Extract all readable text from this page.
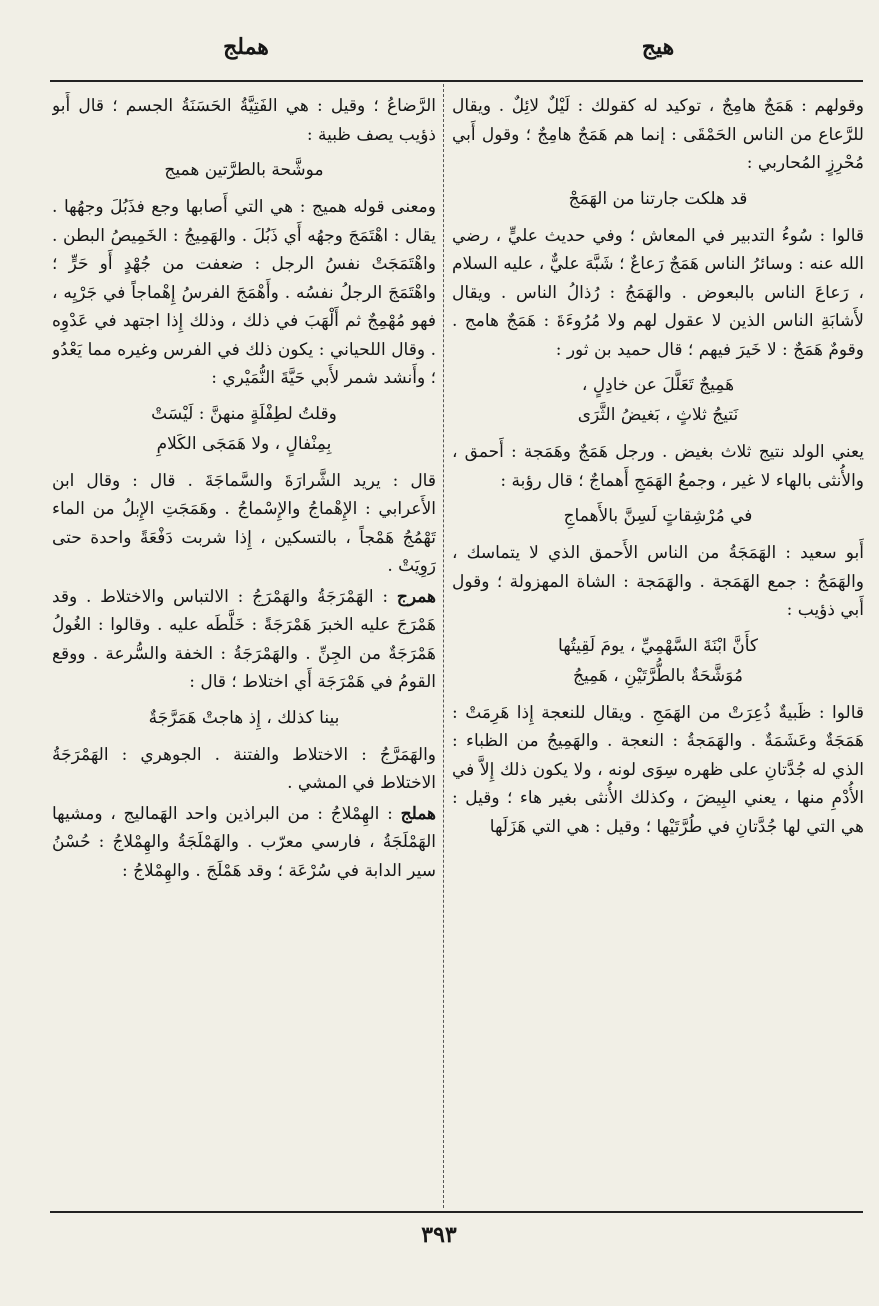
هملج	هيج

وقولهم : هَمَجٌ هامِجٌ ، توكيد له كقولك : لَيْلٌ لائِلٌ . ويقال للرَّعاع من الناس الحَمْقَى : إنما هم هَمَجٌ هامِجٌ ؛ وقول أَبي مُحْرِزٍ المُحاربي :

قد هلكت جارتنا من الهَمَجْ

قالوا : سُوءُ التدبير في المعاش ؛ وفي حديث عليٍّ ، رضي الله عنه : وسائرُ الناس هَمَجٌ رَعاعٌ ؛ شَبَّهَ عليٌّ ، عليه السلام ، رَعاعَ الناس بالبعوض . والهَمَجُ : رُذالُ الناس . ويقال لأَشابَةِ الناس الذين لا عقول لهم ولا مُرُوءَةَ : هَمَجٌ هامج . وقومٌ هَمَجٌ : لا خَيرَ فيهم ؛ قال حميد بن ثور :

هَمِيجٌ تَعَلَّلَ عن خادِلٍ ،
نَتيجُ ثلاثٍ ، بَغيضُ الثَّرَى

يعني الولد نتيج ثلاث بغيض . ورجل هَمَجٌ وهَمَجة : أَحمق ، والأُنثى بالهاء لا غير ، وجمعُ الهَمَجِ أَهماجٌ ؛ قال رؤبة :

في مُرْشِقاتٍ لَسِنَّ بالأَهماجِ

أَبو سعيد : الهَمَجَةُ من الناس الأَحمق الذي لا يتماسك ، والهَمَجُ : جمع الهَمَجة . والهَمَجة : الشاة المهزولة ؛ وقول أَبي ذؤيب :

كأَنَّ ابْنَةَ السَّهْمِيِّ ، يومَ لَقِيتُها
مُوَشَّحَةٌ بالطُّرَّتَيْنِ ، هَمِيجُ

قالوا : ظَبيةٌ ذُعِرَتْ من الهَمَجِ . ويقال للنعجة إِذا هَرِمَتْ : هَمَجَةٌ وعَشَمَةٌ . والهَمَجةُ : النعجة . والهَمِيجُ من الظباء : الذي له جُدَّتانِ على ظهره سِوَى لونه ، ولا يكون ذلك إِلاَّ في الأُدْمِ منها ، يعني البِيضَ ، وكذلك الأُنثى بغير هاء ؛ وقيل : هي التي لها جُدَّتانِ في طُرَّتَيْها ؛ وقيل : هي التي هَزَلَها

الرَّضاعُ ؛ وقيل : هي الفَتِيَّةُ الحَسَنَةُ الجسم ؛ قال أَبو ذؤيب يصف ظبية :

موشَّحة بالطرَّتين هميج

ومعنى قوله هميج : هي التي أَصابها وجع فذَبُلَ وجهُها . يقال : اهْتَمَجَ وجهُه أَي ذَبُلَ . والهَمِيجُ : الخَمِيصُ البطن . واهْتَمَجَتْ نفسُ الرجل : ضعفت من جُهْدٍ أَو حَرٍّ ؛ واهْتَمَجَ الرجلُ نفسُه . وأَهْمَجَ الفرسُ إِهْماجاً في جَرْيِه ، فهو مُهْمِجٌ ثم أَلْهَبَ في ذلك ، وذلك إِذا اجتهد في عَدْوِه . وقال اللحياني : يكون ذلك في الفرس وغيره مما يَعْدُو ؛ وأَنشد شمر لأَبي حَيَّةَ النُّمَيْري :

وقلتُ لطِفْلَةٍ منهنَّ : لَيْسَتْ
بِمِنْفالٍ ، ولا هَمَجَى الكَلامِ

قال : يريد الشَّرارَةَ والسَّماجَةَ . قال : وقال ابن الأَعرابي : الإِهْماجُ والإِسْماجُ . وهَمَجَتِ الإِبلُ من الماء تَهْمُجُ هَمْجاً ، بالتسكين ، إِذا شربت دَفْعَةً واحدة حتى رَوِيَتْ .

همرج : الهَمْرَجَةُ والهَمْرَجُ : الالتباس والاختلاط . وقد هَمْرَجَ عليه الخبرَ هَمْرَجَةً : خَلَّطَه عليه . وقالوا : الغُولُ هَمْرَجَةٌ من الجِنِّ . والهَمْرَجَةُ : الخفة والسُّرعة . ووقع القومُ في هَمْرَجَة أَي اختلاط ؛ قال :

بينا كذلك ، إِذ هاجتْ هَمَرَّجَةٌ

والهَمَرَّجُ : الاختلاط والفتنة . الجوهري : الهَمْرَجَةُ الاختلاط في المشي .

هملج : الهِمْلاجُ : من البراذين واحد الهَماليج ، ومشيها الهَمْلَجَةُ ، فارسي معرّب . والهَمْلَجَةُ والهِمْلاجُ : حُسْنُ سير الدابة في سُرْعَة ؛ وقد هَمْلَجَ . والهِمْلاجُ :

٣٩٣
